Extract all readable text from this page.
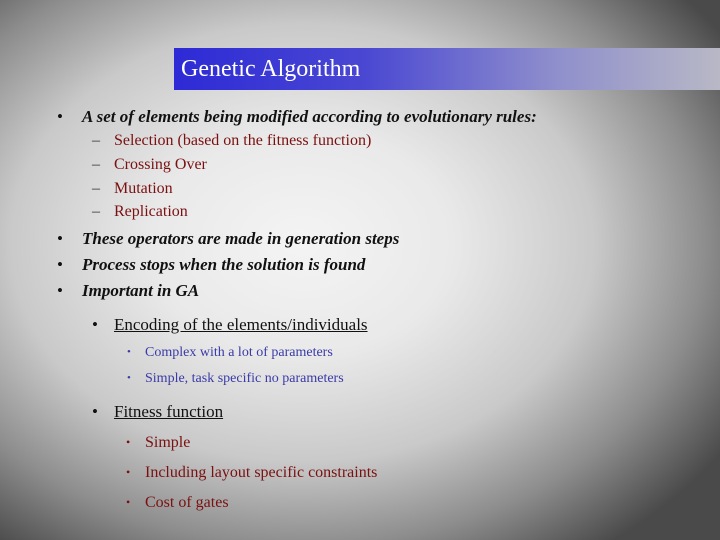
Genetic Algorithm
• A set of elements being modified according to evolutionary rules:
– Selection (based on the fitness function)
– Crossing Over
– Mutation
– Replication
• These operators are made in generation steps
• Process stops when the solution is found
• Important in GA
• Encoding of the elements/individuals
• Complex with a lot of parameters
• Simple, task specific no parameters
• Fitness function
• Simple
• Including layout specific constraints
• Cost of gates
